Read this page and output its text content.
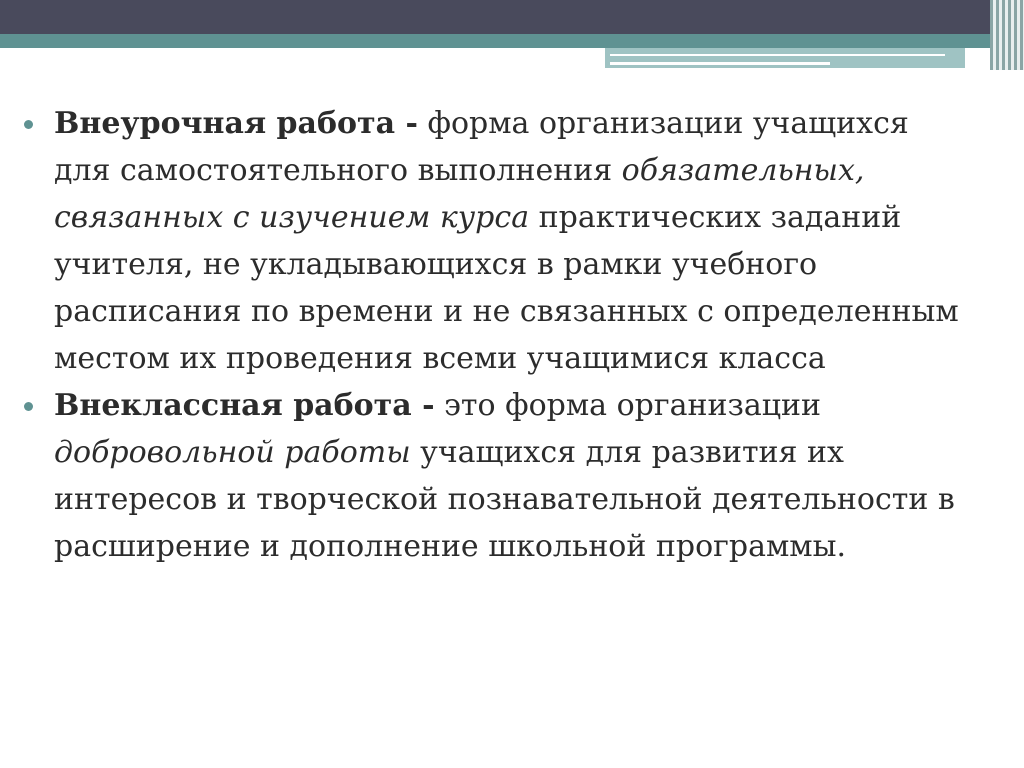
Внеурочная работа - форма организации учащихся для самостоятельного выполнения обязательных, связанных с изучением курса практических заданий учителя, не укладывающихся в рамки учебного расписания по времени и не связанных с определенным местом их проведения всеми учащимися класса
Внеклассная работа - это форма организации добровольной работы учащихся для развития их интересов и творческой познавательной деятельности в расширение и дополнение школьной программы.
